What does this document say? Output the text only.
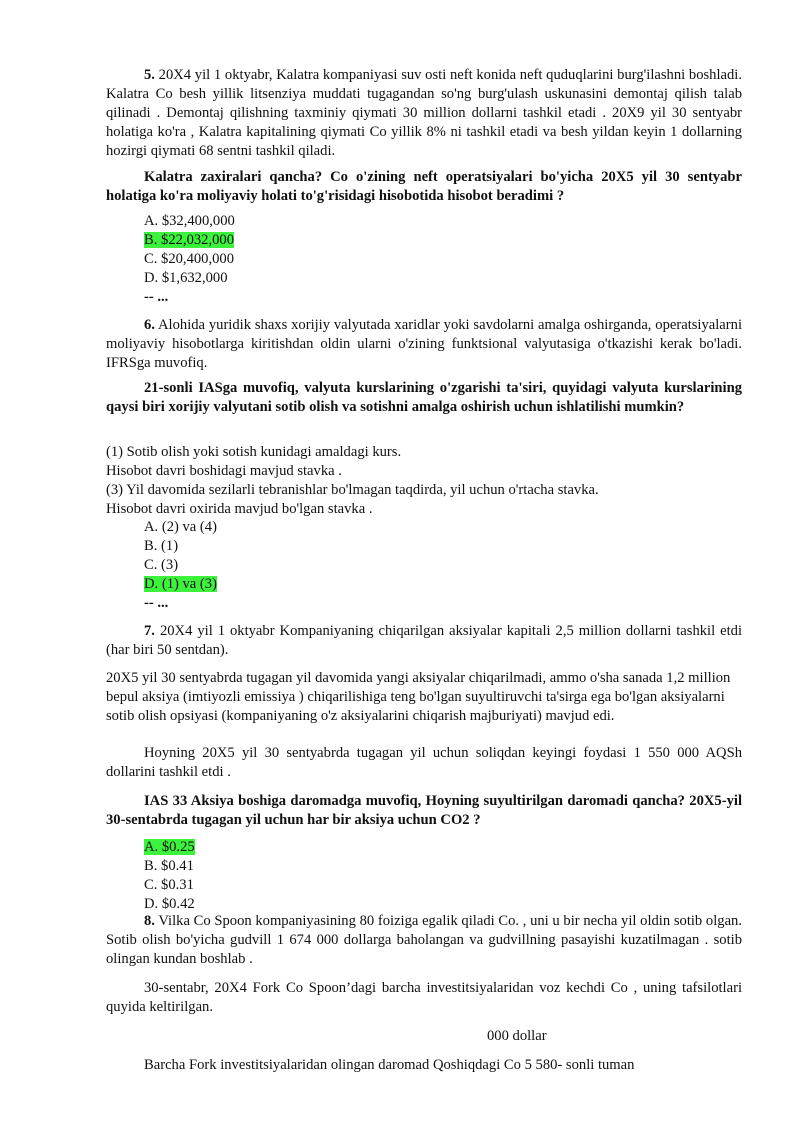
5. 20X4 yil 1 oktyabr, Kalatra kompaniyasi suv osti neft konida neft quduqlarini burg'ilashni boshladi. Kalatra Co besh yillik litsenziya muddati tugagandan so'ng burg'ulash uskunasini demontaj qilish talab qilinadi . Demontaj qilishning taxminiy qiymati 30 million dollarni tashkil etadi . 20X9 yil 30 sentyabr holatiga ko'ra , Kalatra kapitalining qiymati Co yillik 8% ni tashkil etadi va besh yildan keyin 1 dollarning hozirgi qiymati 68 sentni tashkil qiladi.

Kalatra zaxiralari qancha? Co o'zining neft operatsiyalari bo'yicha 20X5 yil 30 sentyabr holatiga ko'ra moliyaviy holati to'g'risidagi hisobotida hisobot beradimi ?

A. $32,400,000
B. $22,032,000
C. $20,400,000
D. $1,632,000
-- ...

6. Alohida yuridik shaxs xorijiy valyutada xaridlar yoki savdolarni amalga oshirganda, operatsiyalarni moliyaviy hisobotlarga kiritishdan oldin ularni o'zining funktsional valyutasiga o'tkazishi kerak bo'ladi. IFRSga muvofiq.

21-sonli IASga muvofiq, valyuta kurslarining o'zgarishi ta'siri, quyidagi valyuta kurslarining qaysi biri xorijiy valyutani sotib olish va sotishni amalga oshirish uchun ishlatilishi mumkin?

(1) Sotib olish yoki sotish kunidagi amaldagi kurs.
Hisobot davri boshidagi mavjud stavka .
(3) Yil davomida sezilarli tebranishlar bo'lmagan taqdirda, yil uchun o'rtacha stavka.
Hisobot davri oxirida mavjud bo'lgan stavka .
A. (2) va (4)
B. (1)
C. (3)
D. (1) va (3)
-- ...

7. 20X4 yil 1 oktyabr Kompaniyaning chiqarilgan aksiyalar kapitali 2,5 million dollarni tashkil etdi (har biri 50 sentdan).

20X5 yil 30 sentyabrda tugagan yil davomida yangi aksiyalar chiqarilmadi, ammo o'sha sanada 1,2 million bepul aksiya (imtiyozli emissiya ) chiqarilishiga teng bo'lgan suyultiruvchi ta'sirga ega bo'lgan aksiyalarni sotib olish opsiyasi (kompaniyaning o'z aksiyalarini chiqarish majburiyati) mavjud edi.

Hoyning 20X5 yil 30 sentyabrda tugagan yil uchun soliqdan keyingi foydasi 1 550 000 AQSh dollarini tashkil etdi .

IAS 33 Aksiya boshiga daromadga muvofiq, Hoyning suyultirilgan daromadi qancha? 20X5-yil 30-sentabrda tugagan yil uchun har bir aksiya uchun CO2 ?

A. $0.25
B. $0.41
C. $0.31
D. $0.42

8. Vilka Co Spoon kompaniyasining 80 foiziga egalik qiladi Co. , uni u bir necha yil oldin sotib olgan. Sotib olish bo'yicha gudvill 1 674 000 dollarga baholangan va gudvillning pasayishi kuzatilmagan . sotib olingan kundan boshlab .

30-sentabr, 20X4 Fork Co Spoon’dagi barcha investitsiyalaridan voz kechdi Co , uning tafsilotlari quyida keltirilgan.

000 dollar

Barcha Fork investitsiyalaridan olingan daromad Qoshiqdagi Co 5 580- sonli tuman
